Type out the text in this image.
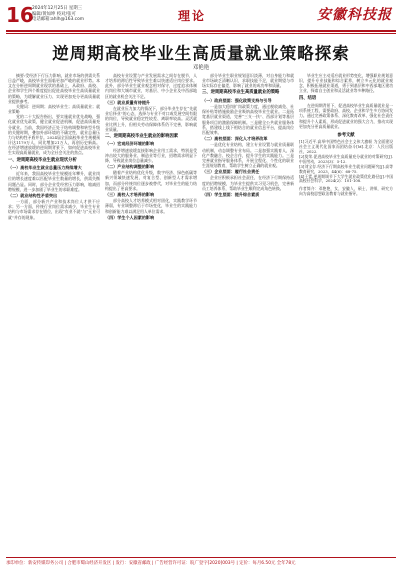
16
2024年12月25日 星期三
编辑/黄如坤 校对/张可
电话邮箱:ahlh@163.com	理论	安徽科技报
逆周期高校毕业生高质量就业策略探索
邓艳艳

摘要:受经济下行压力影响，就业市场的供需关系日益严峻，高校毕业生面临更加严峻的就业形势。本文在分析逆周期就业现状的基础上，从政府、高校、企业和学生四个维度提出促进高校毕业生高质量就业的策略，为缓解就业压力、实现更加充分更高质量就业提供参考。

关键词：逆周期；高校毕业生；高质量就业；就业策略

党的二十大报告指出，要实施就业优先战略，强化就业优先政策，健全就业促进机制，促进高质量充分就业。当前，我国经济正处于结构调整和转型升级的关键时期，叠加外部环境的不确定性，就业总量压力与结构性矛盾并存。2024届全国高校毕业生规模预计达1179万人，同比增加21万人，再创历史新高。在经济增速放缓的逆周期背景下，如何促进高校毕业生实现高质量就业，成为全社会关注的焦点。

一、逆周期高校毕业生就业现状分析
（一）高校毕业生就业总量压力持续增大

近年来，我国高校毕业生规模连年攀升，就业岗位的增长速度难以匹配毕业生数量的增长，供需失衡问题凸显。同时，部分企业受经营压力影响，缩减招聘规模，进一步加剧了毕业生的求职难度。

（二）就业结构性矛盾突出

一方面，部分新兴产业和技术岗位人才供不应求；另一方面，传统行业岗位需求减少，毕业生专业结构与市场需求存在错位，出现“有业不就”与“无业可就”并存的现象。

高校专业设置与产业发展需求之间存在脱节，人才培养的滞后性导致毕业生难以快速适应岗位要求。此外，部分毕业生就业观念相对保守，过度追求体制内岗位和大城市就业，对基层、中小企业及中西部地区的就业机会关注不足。

（三）就业质量有待提升

在就业压力加大的情况下，部分毕业生存在“先就业后择业”的心态，选择与专业不对口或发展空间有限的岗位，导致就业稳定性较差、离职率较高。灵活就业比例上升，但相关劳动保障体系仍不完善，影响就业质量。

二、逆周期高校毕业生就业的影响因素
（一）宏观经济环境的影响

经济增速放缓直接影响企业用工需求，特别是受冲击较大的服务业、制造业等行业，招聘需求明显下降，导致就业岗位总量减少。

（二）产业结构调整的影响

随着产业结构优化升级，数字经济、绿色低碳等新兴领域快速发展，对复合型、创新型人才需求增加，而部分传统岗位逐步被替代，对毕业生的能力结构提出了更高要求。

（三）高校人才培养的影响

部分高校人才培养模式相对固化，实践教学环节薄弱，专业调整滞后于市场变化，毕业生的实践能力和创新能力难以满足用人单位需求。

（四）学生个人因素的影响

部分毕业生职业规划意识淡薄，对自身能力和就业市场缺乏清晰认识，求职技能不足，就业期望与市场实际存在偏差，影响了就业的成功率和质量。

三、逆周期高校毕业生高质量就业的策略
（一）政府层面：强化政策支持与引导

一是加大稳岗扩岗政策力度，通过税收减免、社保补贴等措施鼓励企业吸纳高校毕业生就业。二是拓宽基层就业渠道，完善“三支一扶”、西部计划等基层服务项目的激励保障机制。三是健全公共就业服务体系，搭建线上线下相结合的就业信息平台，提高岗位匹配效率。

（二）高校层面：深化人才培养改革

一是优化专业结构，建立专业设置与就业质量联动机制，动态调整专业布局。二是加强实践育人，深化产教融合、校企合作，提升学生的实践能力。三是完善就业指导服务体系，开展全程化、个性化的职业生涯规划教育，帮助学生树立正确的就业观。

（三）企业层面：履行社会责任

企业应积极承担社会责任，在经济下行期保持适度的招聘规模，为毕业生提供实习见习机会，完善新员工培养体系，帮助毕业生顺利完成角色转换。

（四）学生层面：提升综合素质

毕业生应主动适应就业形势变化，增强职业规划意识，提升专业技能和综合素养，树立多元化的就业观念，积极拓展就业渠道，勇于到基层和中西部地区建功立业，探索自主创业和灵活就业等多种路径。

四、结语

在逆周期背景下，促进高校毕业生高质量就业是一项系统工程，需要政府、高校、企业和学生多方协同发力。通过完善政策体系、深化教育改革、强化社会责任和提升个人素质，形成促进就业的强大合力，推动实现更加充分更高质量就业。

参考文献
[1]习近平.高举中国特色社会主义伟大旗帜 为全面建设社会主义现代化国家而团结奋斗[M].北京：人民出版社，2022.
[2]莫荣.促进高校毕业生高质量充分就业的对策研究[J].中国劳动，2023(3)：5-12.
[3]刘宝存.经济下行期高校毕业生就业问题研究[J].高等教育研究，2023，44(6)：68-75.
[4]王霆.逆周期调节下大学生就业政策优化路径[J].中国高校社会科学，2024(2)：101-108.
作者简介：邓艳艳，女，安徽人，硕士，讲师，研究方向为高校思想政治教育与就业指导。
承印单位：新安传媒印务公司 | 合肥市蜀山经济开发区 | 发行：安徽省邮政 | 广告经营许可证：皖广登字[2020]003号 | 定价：每月6.50元 全年78元
